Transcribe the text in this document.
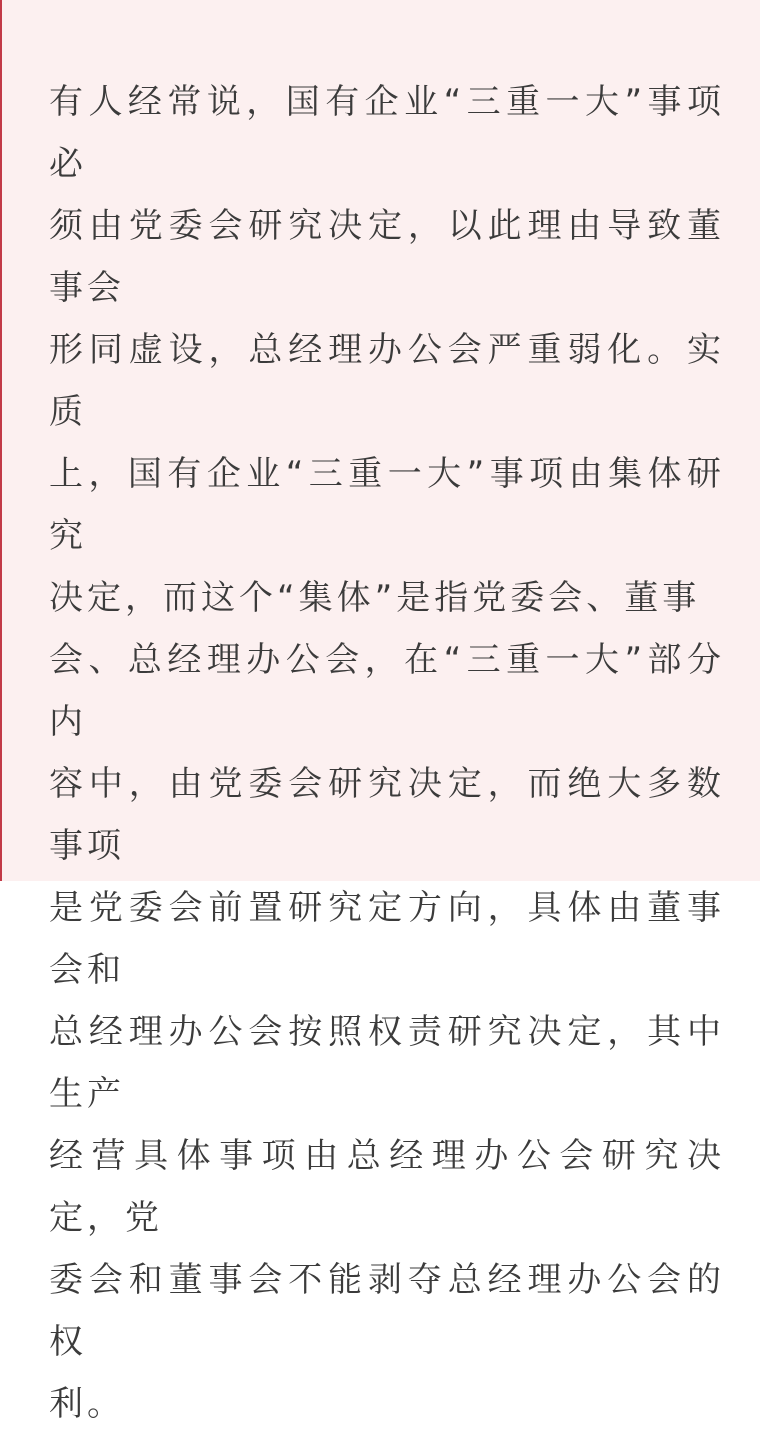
有人经常说，国有企业“三重一大”事项必
须由党委会研究决定，以此理由导致董事会
形同虚设，总经理办公会严重弱化。实质
上，国有企业“三重一大”事项由集体研究
决定，而这个“集体”是指党委会、董事
会、总经理办公会，在“三重一大”部分内
容中，由党委会研究决定，而绝大多数事项
是党委会前置研究定方向，具体由董事会和
总经理办公会按照权责研究决定，其中生产
经营具体事项由总经理办公会研究决定，党
委会和董事会不能剥夺总经理办公会的权
利。
